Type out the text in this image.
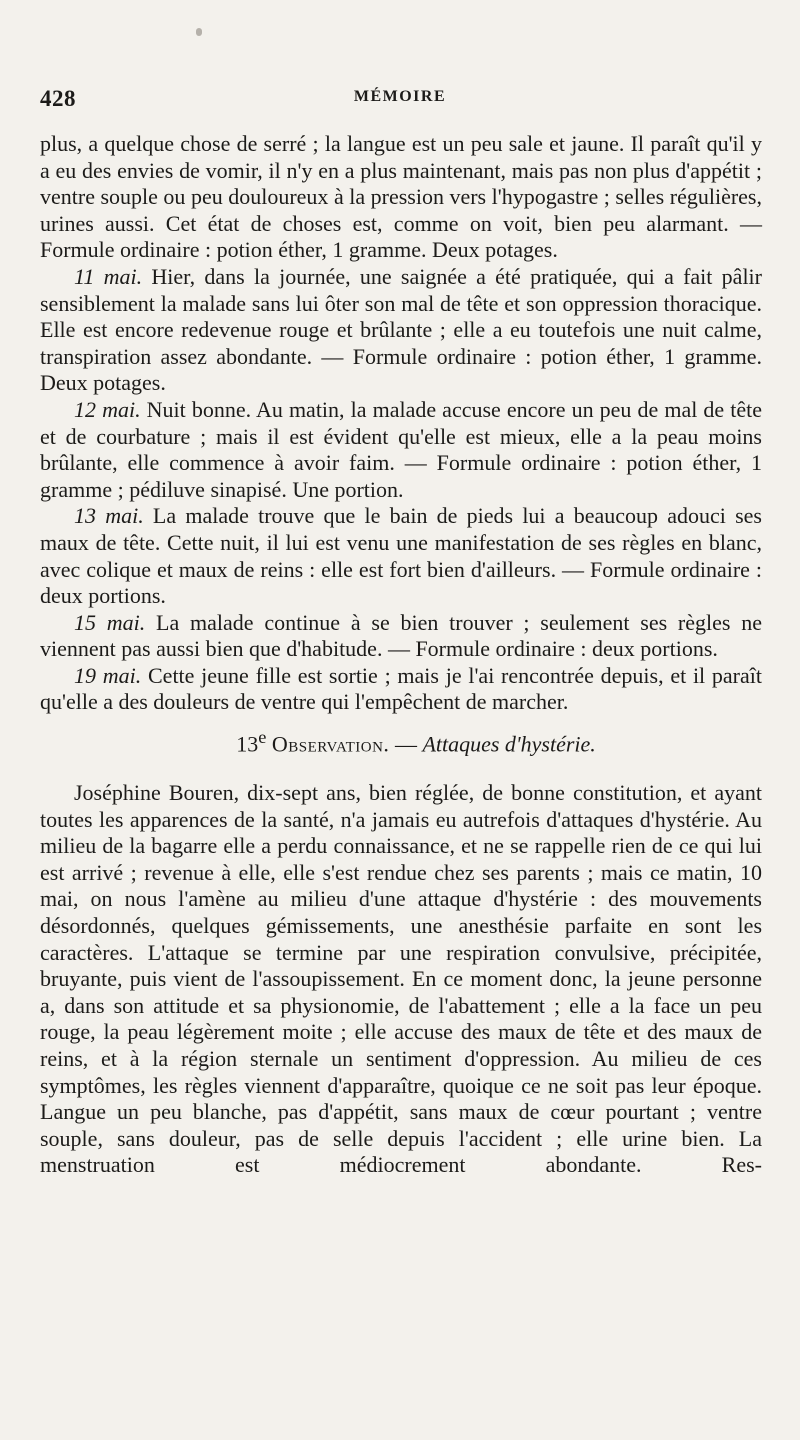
428	MÉMOIRE

plus, a quelque chose de serré ; la langue est un peu sale et jaune. Il paraît qu'il y a eu des envies de vomir, il n'y en a plus maintenant, mais pas non plus d'appétit ; ventre souple ou peu douloureux à la pression vers l'hypogastre ; selles régulières, urines aussi. Cet état de choses est, comme on voit, bien peu alarmant. — Formule ordinaire : potion éther, 1 gramme. Deux potages.

11 mai. Hier, dans la journée, une saignée a été pratiquée, qui a fait pâlir sensiblement la malade sans lui ôter son mal de tête et son oppression thoracique. Elle est encore redevenue rouge et brûlante ; elle a eu toutefois une nuit calme, transpiration assez abondante. — Formule ordinaire : potion éther, 1 gramme. Deux potages.

12 mai. Nuit bonne. Au matin, la malade accuse encore un peu de mal de tête et de courbature ; mais il est évident qu'elle est mieux, elle a la peau moins brûlante, elle commence à avoir faim. — Formule ordinaire : potion éther, 1 gramme ; pédiluve sinapisé. Une portion.

13 mai. La malade trouve que le bain de pieds lui a beaucoup adouci ses maux de tête. Cette nuit, il lui est venu une manifestation de ses règles en blanc, avec colique et maux de reins : elle est fort bien d'ailleurs. — Formule ordinaire : deux portions.

15 mai. La malade continue à se bien trouver ; seulement ses règles ne viennent pas aussi bien que d'habitude. — Formule ordinaire : deux portions.

19 mai. Cette jeune fille est sortie ; mais je l'ai rencontrée depuis, et il paraît qu'elle a des douleurs de ventre qui l'empêchent de marcher.

13e Observation. — Attaques d'hystérie.

Joséphine Bouren, dix-sept ans, bien réglée, de bonne constitution, et ayant toutes les apparences de la santé, n'a jamais eu autrefois d'attaques d'hystérie. Au milieu de la bagarre elle a perdu connaissance, et ne se rappelle rien de ce qui lui est arrivé ; revenue à elle, elle s'est rendue chez ses parents ; mais ce matin, 10 mai, on nous l'amène au milieu d'une attaque d'hystérie : des mouvements désordonnés, quelques gémissements, une anesthésie parfaite en sont les caractères. L'attaque se termine par une respiration convulsive, précipitée, bruyante, puis vient de l'assoupissement. En ce moment donc, la jeune personne a, dans son attitude et sa physionomie, de l'abattement ; elle a la face un peu rouge, la peau légèrement moite ; elle accuse des maux de tête et des maux de reins, et à la région sternale un sentiment d'oppression. Au milieu de ces symptômes, les règles viennent d'apparaître, quoique ce ne soit pas leur époque. Langue un peu blanche, pas d'appétit, sans maux de cœur pourtant ; ventre souple, sans douleur, pas de selle depuis l'accident ; elle urine bien. La menstruation est médiocrement abondante. Res-
